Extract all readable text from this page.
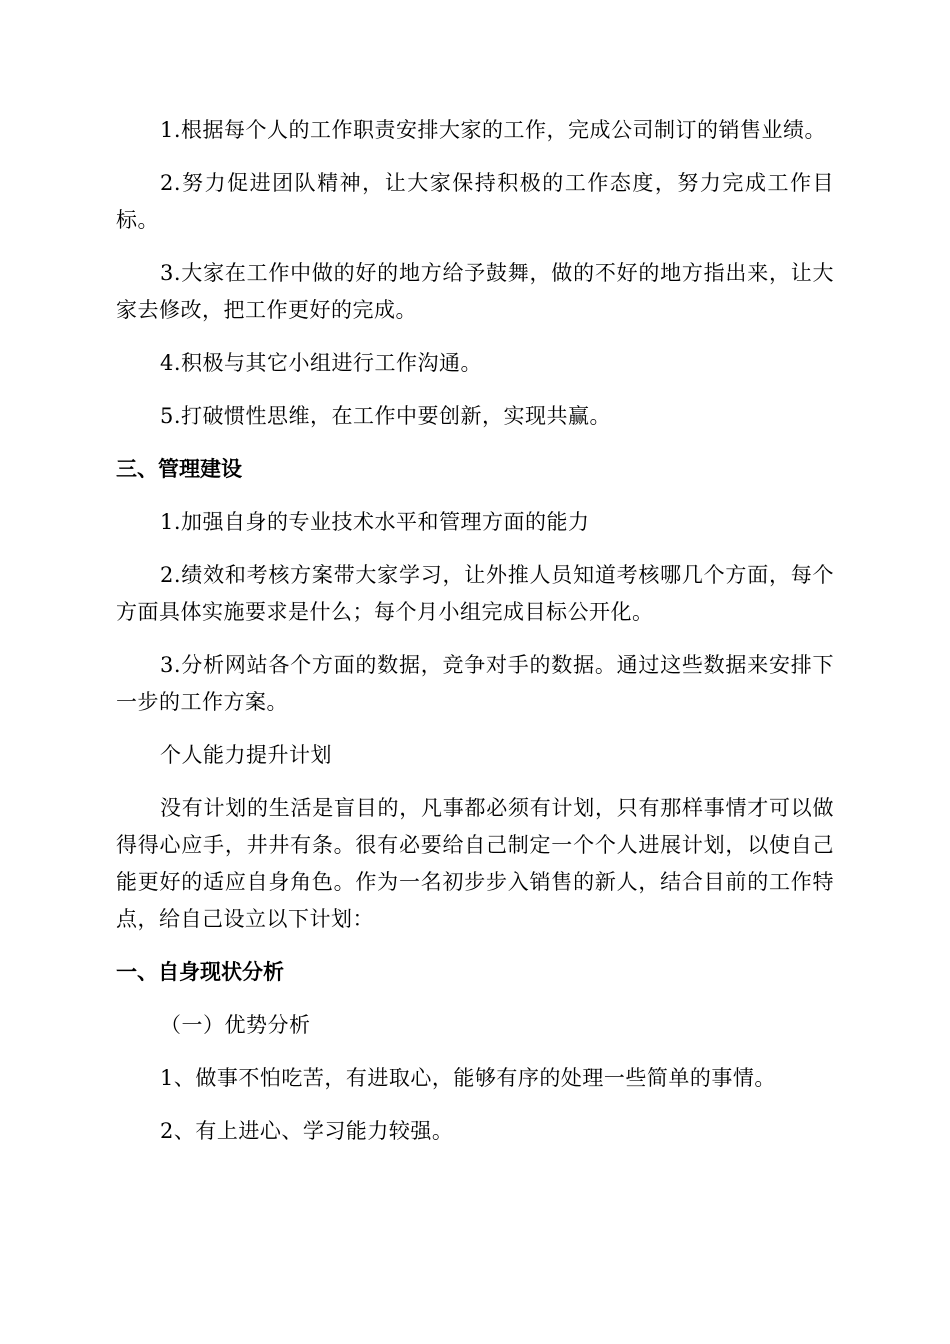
1.根据每个人的工作职责安排大家的工作，完成公司制订的销售业绩。

2.努力促进团队精神，让大家保持积极的工作态度，努力完成工作目标。

3.大家在工作中做的好的地方给予鼓舞，做的不好的地方指出来，让大家去修改，把工作更好的完成。

4.积极与其它小组进行工作沟通。

5.打破惯性思维，在工作中要创新，实现共赢。

三、管理建设

1.加强自身的专业技术水平和管理方面的能力

2.绩效和考核方案带大家学习，让外推人员知道考核哪几个方面，每个方面具体实施要求是什么；每个月小组完成目标公开化。

3.分析网站各个方面的数据，竞争对手的数据。通过这些数据来安排下一步的工作方案。

个人能力提升计划

没有计划的生活是盲目的，凡事都必须有计划，只有那样事情才可以做得得心应手，井井有条。很有必要给自己制定一个个人进展计划，以使自己能更好的适应自身角色。作为一名初步步入销售的新人，结合目前的工作特点，给自己设立以下计划：

一、自身现状分析

（一）优势分析

1、做事不怕吃苦，有进取心，能够有序的处理一些简单的事情。

2、有上进心、学习能力较强。
